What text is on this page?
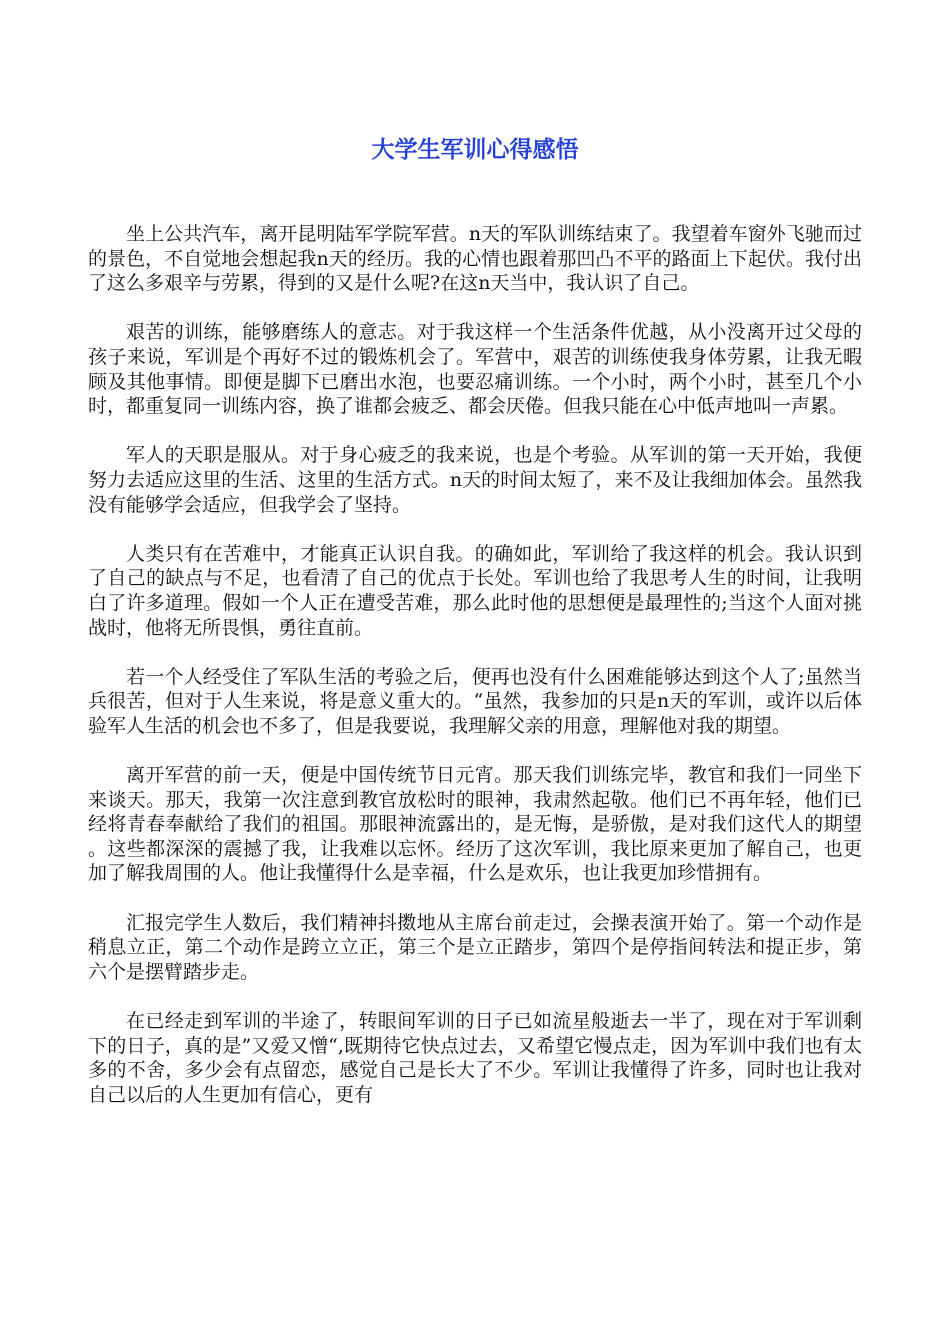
大学生军训心得感悟

坐上公共汽车，离开昆明陆军学院军营。n天的军队训练结束了。我望着车窗外飞驰而过的景色，不自觉地会想起我n天的经历。我的心情也跟着那凹凸不平的路面上下起伏。我付出了这么多艰辛与劳累，得到的又是什么呢?在这n天当中，我认识了自己。

艰苦的训练，能够磨练人的意志。对于我这样一个生活条件优越，从小没离开过父母的孩子来说，军训是个再好不过的锻炼机会了。军营中，艰苦的训练使我身体劳累，让我无暇顾及其他事情。即便是脚下已磨出水泡，也要忍痛训练。一个小时，两个小时，甚至几个小时，都重复同一训练内容，换了谁都会疲乏、都会厌倦。但我只能在心中低声地叫一声累。

军人的天职是服从。对于身心疲乏的我来说，也是个考验。从军训的第一天开始，我便努力去适应这里的生活、这里的生活方式。n天的时间太短了，来不及让我细加体会。虽然我没有能够学会适应，但我学会了坚持。

人类只有在苦难中，才能真正认识自我。的确如此，军训给了我这样的机会。我认识到了自己的缺点与不足，也看清了自己的优点于长处。军训也给了我思考人生的时间，让我明白了许多道理。假如一个人正在遭受苦难，那么此时他的思想便是最理性的;当这个人面对挑战时，他将无所畏惧，勇往直前。

若一个人经受住了军队生活的考验之后，便再也没有什么困难能够达到这个人了;虽然当兵很苦，但对于人生来说，将是意义重大的。“虽然，我参加的只是n天的军训，或许以后体验军人生活的机会也不多了，但是我要说，我理解父亲的用意，理解他对我的期望。

离开军营的前一天，便是中国传统节日元宵。那天我们训练完毕，教官和我们一同坐下来谈天。那天，我第一次注意到教官放松时的眼神，我肃然起敬。他们已不再年轻，他们已经将青春奉献给了我们的祖国。那眼神流露出的，是无悔，是骄傲，是对我们这代人的期望。这些都深深的震撼了我，让我难以忘怀。经历了这次军训，我比原来更加了解自己，也更加了解我周围的人。他让我懂得什么是幸福，什么是欢乐，也让我更加珍惜拥有。

汇报完学生人数后，我们精神抖擞地从主席台前走过，会操表演开始了。第一个动作是稍息立正，第二个动作是跨立立正，第三个是立正踏步，第四个是停指间转法和提正步，第六个是摆臂踏步走。

在已经走到军训的半途了，转眼间军训的日子已如流星般逝去一半了，现在对于军训剩下的日子，真的是”又爱又憎“,既期待它快点过去，又希望它慢点走，因为军训中我们也有太多的不舍，多少会有点留恋，感觉自己是长大了不少。军训让我懂得了许多，同时也让我对自己以后的人生更加有信心，更有
